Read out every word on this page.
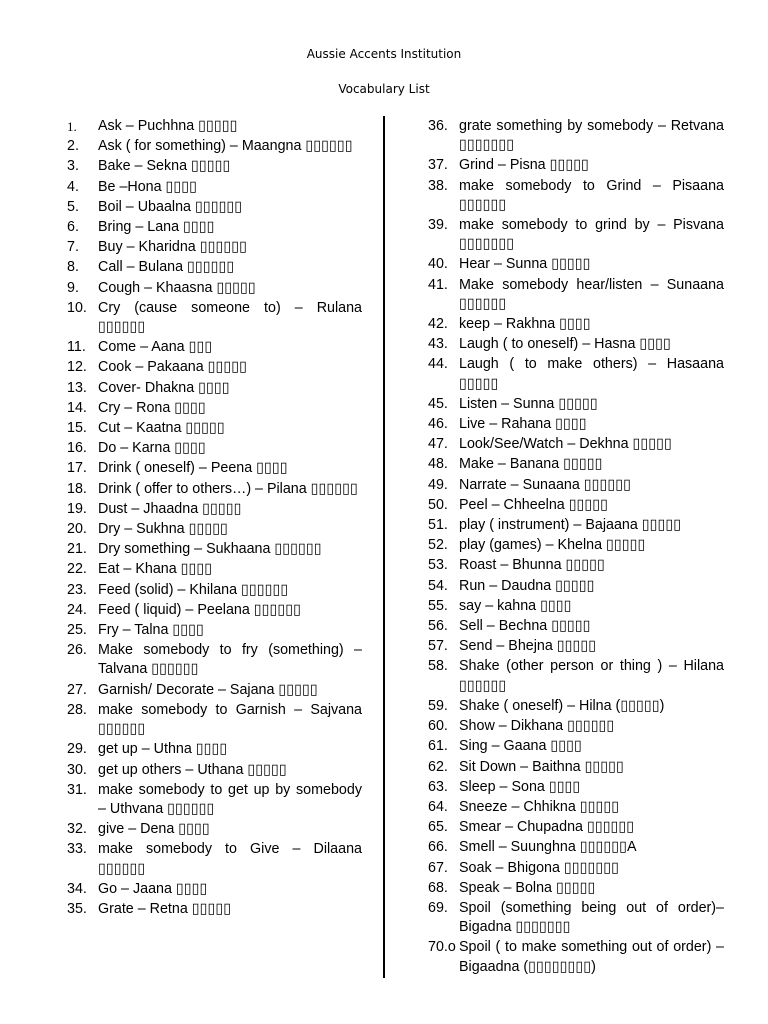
Aussie Accents Institution
Vocabulary List
1. Ask – Puchhna ▯▯▯▯▯
2. Ask ( for something) – Maangna ▯▯▯▯▯▯
3. Bake – Sekna ▯▯▯▯▯
4. Be –Hona ▯▯▯▯
5. Boil – Ubaalna ▯▯▯▯▯▯
6. Bring – Lana ▯▯▯▯
7. Buy – Kharidna ▯▯▯▯▯▯
8. Call – Bulana ▯▯▯▯▯▯
9. Cough – Khaasna ▯▯▯▯▯
10. Cry (cause someone to) – Rulana ▯▯▯▯▯▯
11. Come – Aana ▯▯▯
12. Cook – Pakaana ▯▯▯▯▯
13. Cover- Dhakna ▯▯▯▯
14. Cry – Rona ▯▯▯▯
15. Cut – Kaatna ▯▯▯▯▯
16. Do – Karna ▯▯▯▯
17. Drink ( oneself) – Peena ▯▯▯▯
18. Drink ( offer to others…) – Pilana ▯▯▯▯▯▯
19. Dust – Jhaadna ▯▯▯▯▯
20. Dry – Sukhna ▯▯▯▯▯
21. Dry something – Sukhaana ▯▯▯▯▯▯
22. Eat – Khana ▯▯▯▯
23. Feed (solid) – Khilana ▯▯▯▯▯▯
24. Feed ( liquid) – Peelana ▯▯▯▯▯▯
25. Fry – Talna ▯▯▯▯
26. Make somebody to fry (something) – Talvana ▯▯▯▯▯▯
27. Garnish/ Decorate – Sajana ▯▯▯▯▯
28. make somebody to Garnish – Sajvana ▯▯▯▯▯▯
29. get up – Uthna ▯▯▯▯
30. get up others – Uthana ▯▯▯▯▯
31. make somebody to get up by somebody – Uthvana ▯▯▯▯▯▯
32. give – Dena ▯▯▯▯
33. make somebody to Give – Dilaana ▯▯▯▯▯▯
34. Go – Jaana ▯▯▯▯
35. Grate – Retna ▯▯▯▯▯
36. grate something by somebody – Retvana ▯▯▯▯▯▯▯
37. Grind – Pisna ▯▯▯▯▯
38. make somebody to Grind – Pisaana ▯▯▯▯▯▯
39. make somebody to grind by – Pisvana ▯▯▯▯▯▯▯
40. Hear – Sunna ▯▯▯▯▯
41. Make somebody hear/listen – Sunaana ▯▯▯▯▯▯
42. keep – Rakhna ▯▯▯▯
43. Laugh ( to oneself) – Hasna ▯▯▯▯
44. Laugh ( to make others) – Hasaana ▯▯▯▯▯
45. Listen – Sunna ▯▯▯▯▯
46. Live – Rahana ▯▯▯▯
47. Look/See/Watch – Dekhna ▯▯▯▯▯
48. Make – Banana ▯▯▯▯▯
49. Narrate – Sunaana ▯▯▯▯▯▯
50. Peel – Chheelna ▯▯▯▯▯
51. play ( instrument) – Bajaana ▯▯▯▯▯
52. play (games) – Khelna ▯▯▯▯▯
53. Roast – Bhunna ▯▯▯▯▯
54. Run – Daudna ▯▯▯▯▯
55. say – kahna ▯▯▯▯
56. Sell – Bechna ▯▯▯▯▯
57. Send – Bhejna ▯▯▯▯▯
58. Shake (other person or thing ) – Hilana ▯▯▯▯▯▯
59. Shake ( oneself) – Hilna (▯▯▯▯▯)
60. Show – Dikhana ▯▯▯▯▯▯
61. Sing – Gaana ▯▯▯▯
62. Sit Down – Baithna ▯▯▯▯▯
63. Sleep – Sona ▯▯▯▯
64. Sneeze – Chhikna ▯▯▯▯▯
65. Smear – Chupadna ▯▯▯▯▯▯
66. Smell – Suunghna ▯▯▯▯▯▯A
67. Soak – Bhigona ▯▯▯▯▯▯▯
68. Speak – Bolna ▯▯▯▯▯
69. Spoil (something being out of order)– Bigadna ▯▯▯▯▯▯▯
70.o Spoil ( to make something out of order) – Bigaadna (▯▯▯▯▯▯▯▯)
